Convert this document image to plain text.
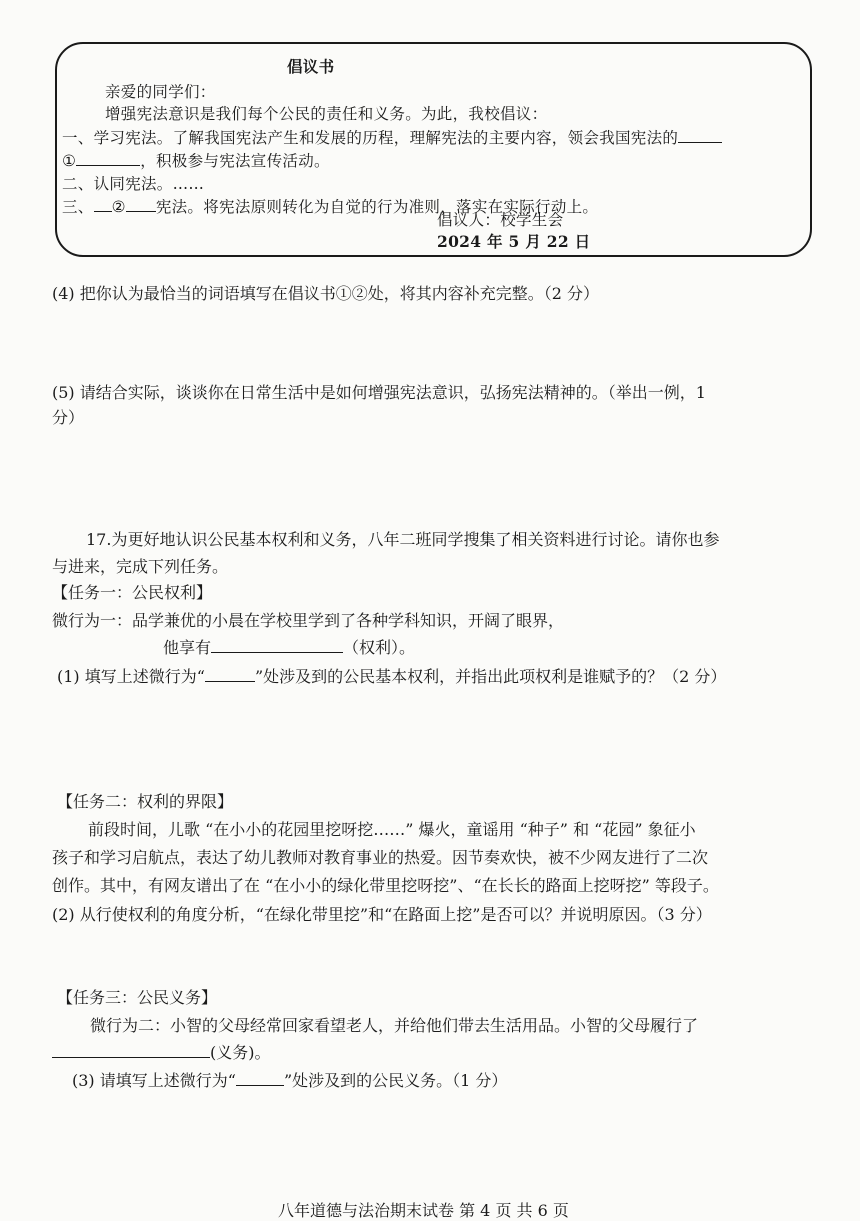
倡议书
亲爱的同学们：
增强宪法意识是我们每个公民的责任和义务。为此，我校倡议：
一、学习宪法。了解我国宪法产生和发展的历程，理解宪法的主要内容，领会我国宪法的
①	，积极参与宪法宣传活动。
二、认同宪法。……
三、 ② 宪法。将宪法原则转化为自觉的行为准则，落实在实际行动上。
倡议人：校学生会
2024 年 5 月 22 日
(4) 把你认为最恰当的词语填写在倡议书①②处，将其内容补充完整。（2 分）
(5) 请结合实际，谈谈你在日常生活中是如何增强宪法意识，弘扬宪法精神的。（举出一例，1
分）
17.为更好地认识公民基本权利和义务，八年二班同学搜集了相关资料进行讨论。请你也参
与进来，完成下列任务。
【任务一：公民权利】
微行为一：品学兼优的小晨在学校里学到了各种学科知识，开阔了眼界，
他享有	（权利）。
(1) 填写上述微行为“	”处涉及到的公民基本权利，并指出此项权利是谁赋予的？（2 分）
【任务二：权利的界限】
前段时间，儿歌 “在小小的花园里挖呀挖……” 爆火，童谣用 “种子” 和 “花园” 象征小
孩子和学习启航点，表达了幼儿教师对教育事业的热爱。因节奏欢快，被不少网友进行了二次
创作。其中，有网友谱出了在 “在小小的绿化带里挖呀挖”、“在长长的路面上挖呀挖” 等段子。
(2) 从行使权利的角度分析，“在绿化带里挖”和“在路面上挖”是否可以？并说明原因。（3 分）
【任务三：公民义务】
微行为二：小智的父母经常回家看望老人，并给他们带去生活用品。小智的父母履行了
(义务)。
(3) 请填写上述微行为“	”处涉及到的公民义务。（1 分）
八年道德与法治期末试卷 第 4 页 共 6 页
